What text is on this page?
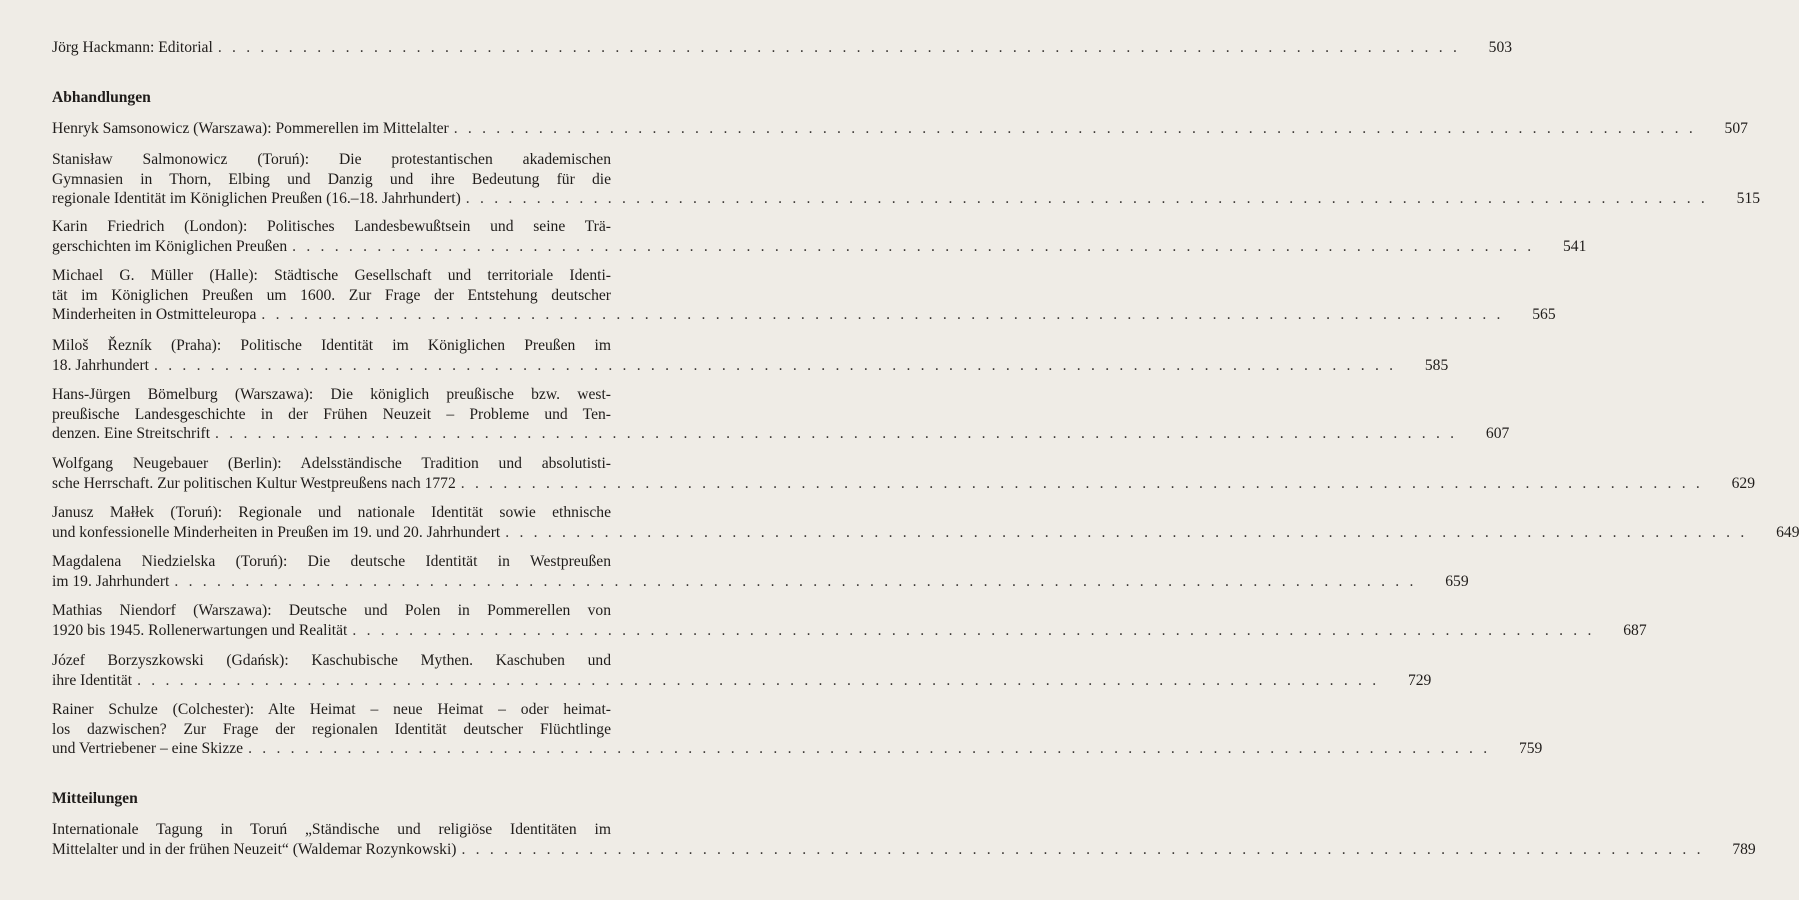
Jörg Hackmann: Editorial . . . . . . . . . . . . . . . . . . . . . . . . . . . . . . . . . . . . . . . . . . . . . . . . . . . . . . . . . . . . . . . . . . . . . . . . . . . . . . . . . . . . . . . .	503
Abhandlungen
Henryk Samsonowicz (Warszawa): Pommerellen im Mittelalter . . . . . . . . . . . . . . . . . . . . . . . . . . . . . . . . . . . . . . . . . . . . . . . . . . . . . . . . . . . . . . . . . . . . . . . . . . . . . . . . . . . . . . . .	507
Stanisław Salmonowicz (Toruń): Die protestantischen akademischen
Gymnasien in Thorn, Elbing und Danzig und ihre Bedeutung für die
regionale Identität im Königlichen Preußen (16.–18. Jahrhundert) . . . . . . . . . . . . . . . . . . . . . . . . . . . . . . . . . . . . . . . . . . . . . . . . . . . . . . . . . . . . . . . . . . . . . . . . . . . . . . . . . . . . . . . .	515
Karin Friedrich (London): Politisches Landesbewußtsein und seine Trä-
gerschichten im Königlichen Preußen . . . . . . . . . . . . . . . . . . . . . . . . . . . . . . . . . . . . . . . . . . . . . . . . . . . . . . . . . . . . . . . . . . . . . . . . . . . . . . . . . . . . . . . .	541
Michael G. Müller (Halle): Städtische Gesellschaft und territoriale Identi-
tät im Königlichen Preußen um 1600. Zur Frage der Entstehung deutscher
Minderheiten in Ostmitteleuropa . . . . . . . . . . . . . . . . . . . . . . . . . . . . . . . . . . . . . . . . . . . . . . . . . . . . . . . . . . . . . . . . . . . . . . . . . . . . . . . . . . . . . . . .	565
Miloš Řezník (Praha): Politische Identität im Königlichen Preußen im
18. Jahrhundert . . . . . . . . . . . . . . . . . . . . . . . . . . . . . . . . . . . . . . . . . . . . . . . . . . . . . . . . . . . . . . . . . . . . . . . . . . . . . . . . . . . . . . . .	585
Hans-Jürgen Bömelburg (Warszawa): Die königlich preußische bzw. west-
preußische Landesgeschichte in der Frühen Neuzeit – Probleme und Ten-
denzen. Eine Streitschrift . . . . . . . . . . . . . . . . . . . . . . . . . . . . . . . . . . . . . . . . . . . . . . . . . . . . . . . . . . . . . . . . . . . . . . . . . . . . . . . . . . . . . . . .	607
Wolfgang Neugebauer (Berlin): Adelsständische Tradition und absolutisti-
sche Herrschaft. Zur politischen Kultur Westpreußens nach 1772 . . . . . . . . . . . . . . . . . . . . . . . . . . . . . . . . . . . . . . . . . . . . . . . . . . . . . . . . . . . . . . . . . . . . . . . . . . . . . . . . . . . . . . . .	629
Janusz Małłek (Toruń): Regionale und nationale Identität sowie ethnische
und konfessionelle Minderheiten in Preußen im 19. und 20. Jahrhundert . . . . . . . . . . . . . . . . . . . . . . . . . . . . . . . . . . . . . . . . . . . . . . . . . . . . . . . . . . . . . . . . . . . . . . . . . . . . . . . . . . . . . . . .	649
Magdalena Niedzielska (Toruń): Die deutsche Identität in Westpreußen
im 19. Jahrhundert . . . . . . . . . . . . . . . . . . . . . . . . . . . . . . . . . . . . . . . . . . . . . . . . . . . . . . . . . . . . . . . . . . . . . . . . . . . . . . . . . . . . . . . .	659
Mathias Niendorf (Warszawa): Deutsche und Polen in Pommerellen von
1920 bis 1945. Rollenerwartungen und Realität . . . . . . . . . . . . . . . . . . . . . . . . . . . . . . . . . . . . . . . . . . . . . . . . . . . . . . . . . . . . . . . . . . . . . . . . . . . . . . . . . . . . . . . .	687
Józef Borzyszkowski (Gdańsk): Kaschubische Mythen. Kaschuben und
ihre Identität . . . . . . . . . . . . . . . . . . . . . . . . . . . . . . . . . . . . . . . . . . . . . . . . . . . . . . . . . . . . . . . . . . . . . . . . . . . . . . . . . . . . . . . .	729
Rainer Schulze (Colchester): Alte Heimat – neue Heimat – oder heimat-
los dazwischen? Zur Frage der regionalen Identität deutscher Flüchtlinge
und Vertriebener – eine Skizze . . . . . . . . . . . . . . . . . . . . . . . . . . . . . . . . . . . . . . . . . . . . . . . . . . . . . . . . . . . . . . . . . . . . . . . . . . . . . . . . . . . . . . . .	759
Mitteilungen
Internationale Tagung in Toruń „Ständische und religiöse Identitäten im
Mittelalter und in der frühen Neuzeit“ (Waldemar Rozynkowski) . . . . . . . . . . . . . . . . . . . . . . . . . . . . . . . . . . . . . . . . . . . . . . . . . . . . . . . . . . . . . . . . . . . . . . . . . . . . . . . . . . . . . . . .	789
